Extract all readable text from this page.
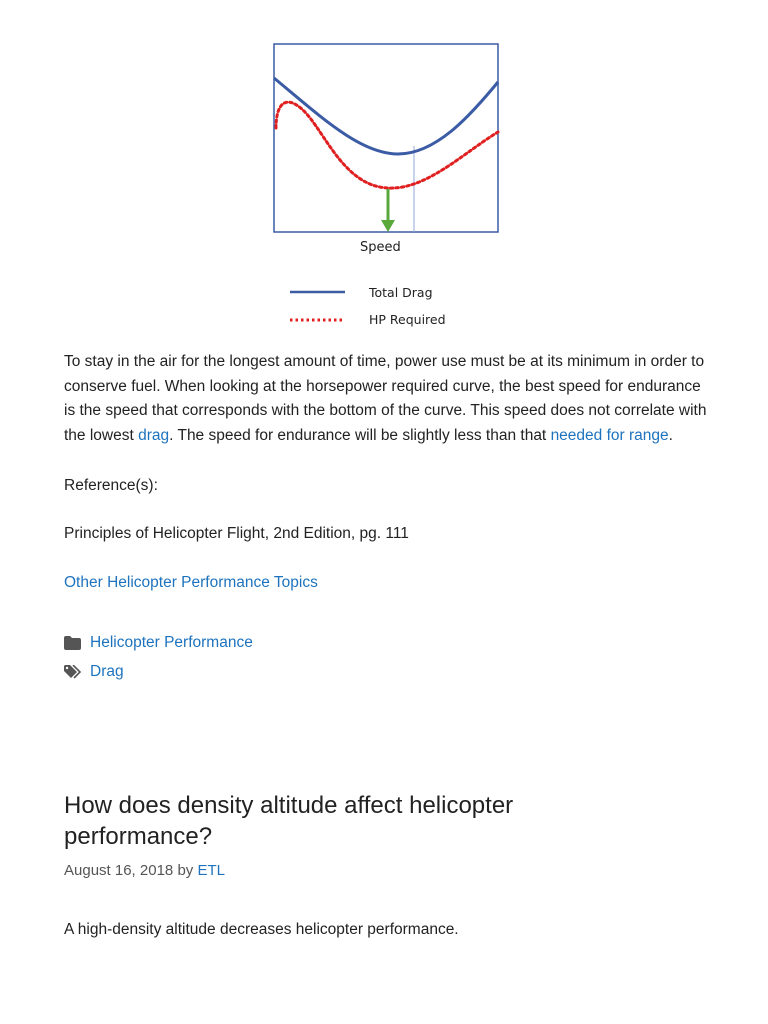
Speed
Total Drag
HP Required

To stay in the air for the longest amount of time, power use must be at its minimum in order to conserve fuel. When looking at the horsepower required curve, the best speed for endurance is the speed that corresponds with the bottom of the curve. This speed does not correlate with the lowest drag. The speed for endurance will be slightly less than that needed for range.

Reference(s):

Principles of Helicopter Flight, 2nd Edition, pg. 111

Other Helicopter Performance Topics

Helicopter Performance
Drag
How does density altitude affect helicopter performance?
August 16, 2018 by ETL

A high-density altitude decreases helicopter performance.
